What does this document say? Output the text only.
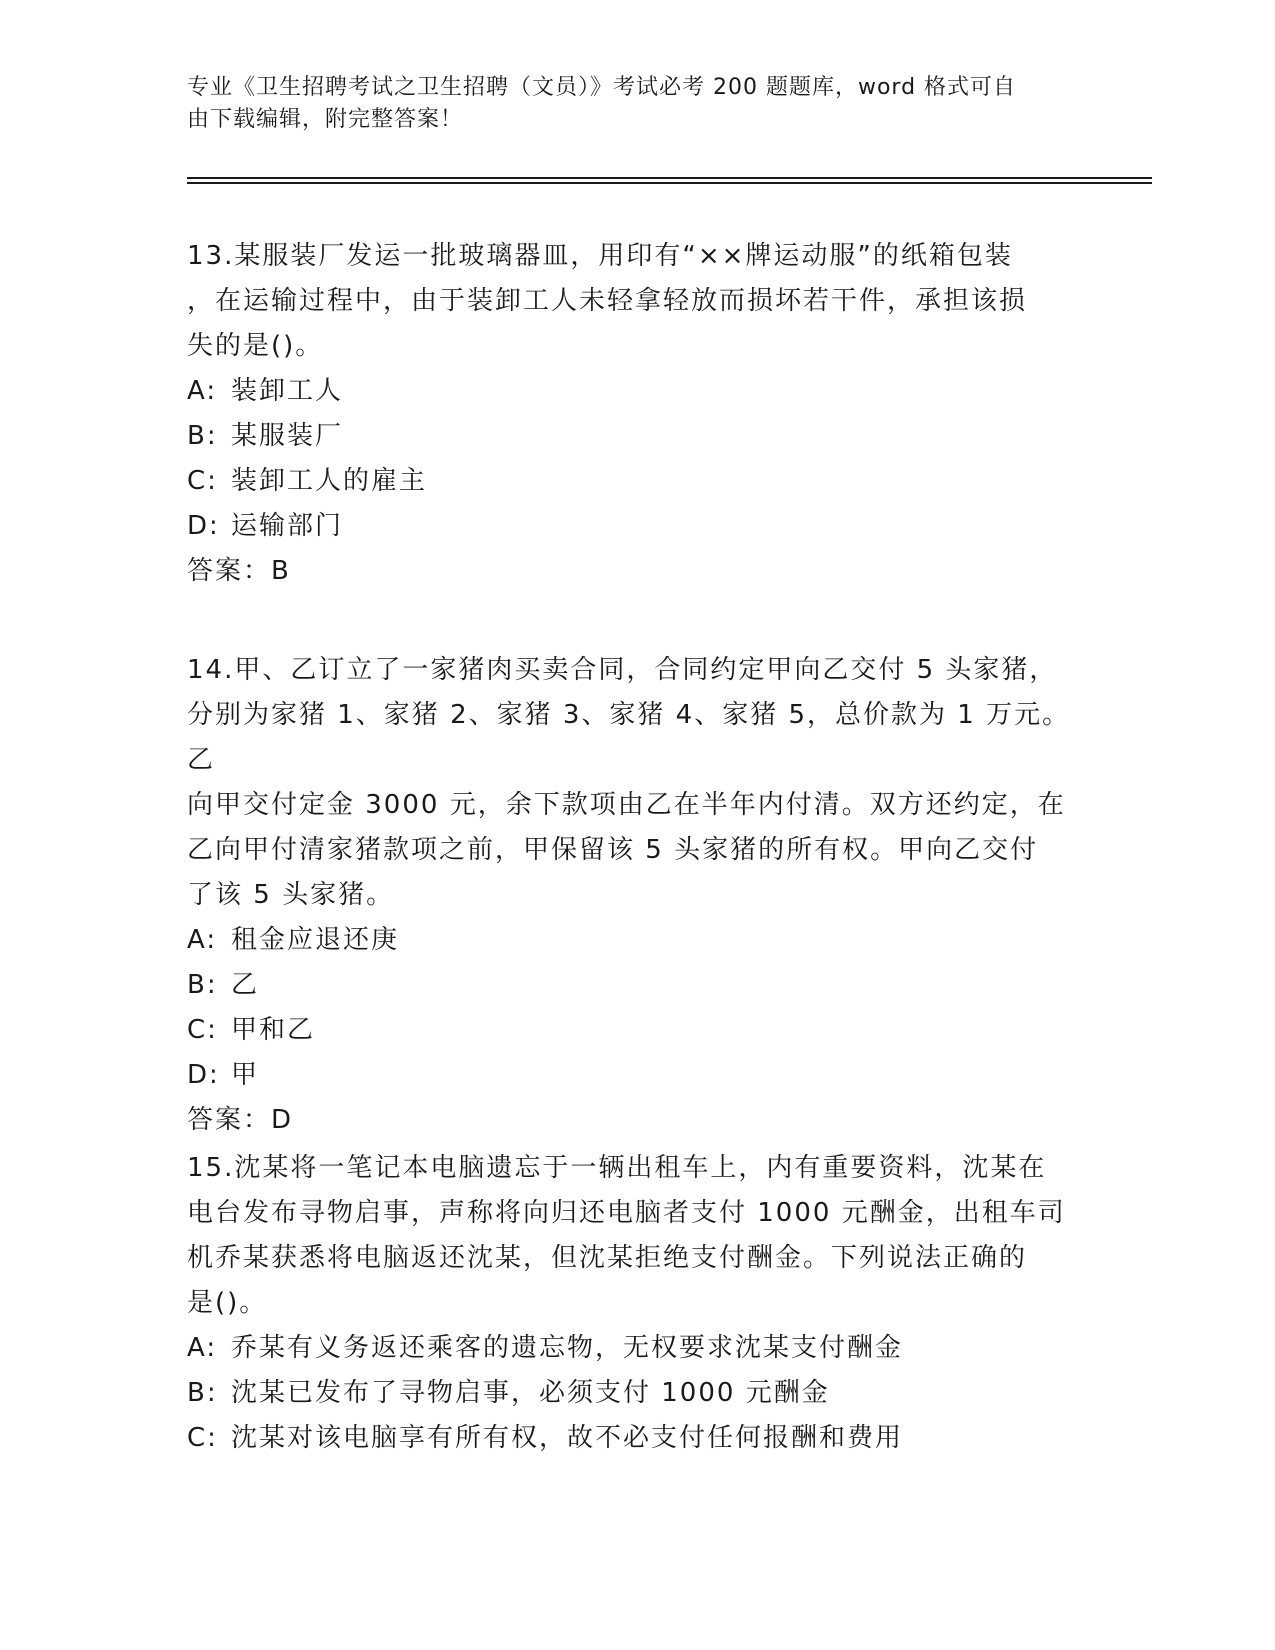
专业《卫生招聘考试之卫生招聘（文员）》考试必考 200 题题库，word 格式可自
由下载编辑，附完整答案！
13.某服装厂发运一批玻璃器皿，用印有“××牌运动服”的纸箱包装
，在运输过程中，由于装卸工人未轻拿轻放而损坏若干件，承担该损
失的是()。
A: 装卸工人
B: 某服装厂
C: 装卸工人的雇主
D: 运输部门
答案：B
14.甲、乙订立了一家猪肉买卖合同，合同约定甲向乙交付 5 头家猪，
分别为家猪 1、家猪 2、家猪 3、家猪 4、家猪 5，总价款为 1 万元。乙
向甲交付定金 3000 元，余下款项由乙在半年内付清。双方还约定，在
乙向甲付清家猪款项之前，甲保留该 5 头家猪的所有权。甲向乙交付
了该 5 头家猪。
A: 租金应退还庚
B: 乙
C: 甲和乙
D: 甲
答案：D
15.沈某将一笔记本电脑遗忘于一辆出租车上，内有重要资料，沈某在
电台发布寻物启事，声称将向归还电脑者支付 1000 元酬金，出租车司
机乔某获悉将电脑返还沈某，但沈某拒绝支付酬金。下列说法正确的
是()。
A: 乔某有义务返还乘客的遗忘物，无权要求沈某支付酬金
B: 沈某已发布了寻物启事，必须支付 1000 元酬金
C: 沈某对该电脑享有所有权，故不必支付任何报酬和费用
